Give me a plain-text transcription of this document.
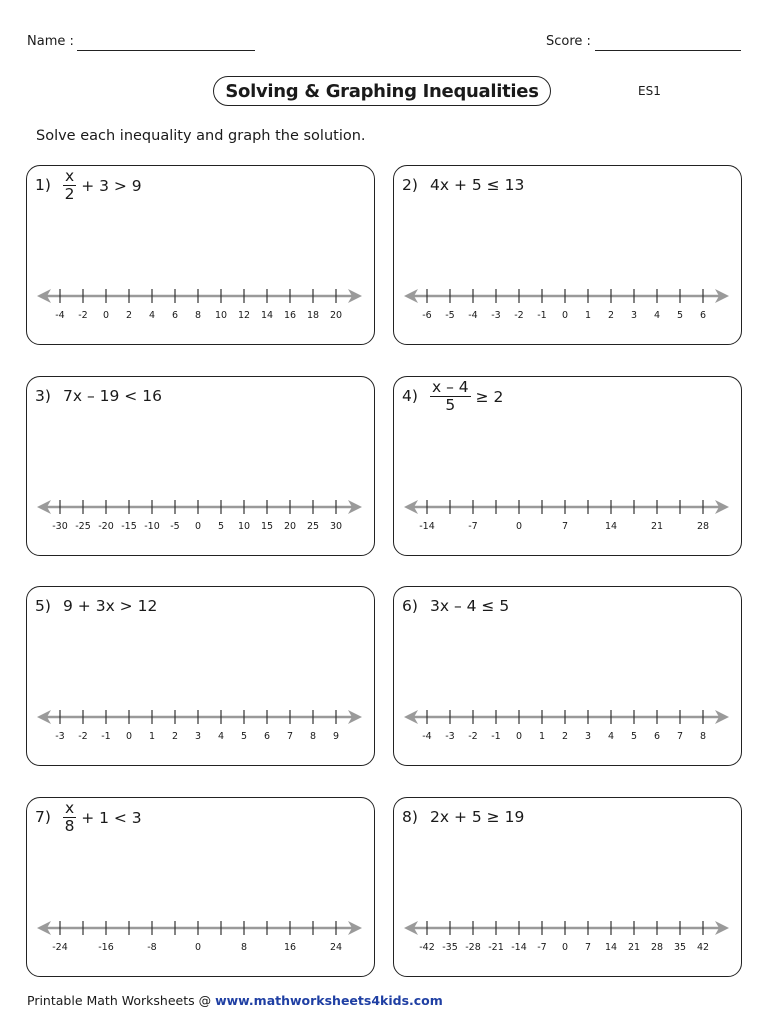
Name :	Score :
Solving & Graphing Inequalities	ES1
Solve each inequality and graph the solution.
$1) \frac{x}{2} + 3 > 9$
-4 -2 0 2 4 6 8 10 12 14 16 18 20
2) 4x + 5 ≤ 13
-6 -5 -4 -3 -2 -1 0 1 2 3 4 5 6
3) 7x – 19 < 16
-30 -25 -20 -15 -10 -5 0 5 10 15 20 25 30
$4) \frac{x - 4}{5} \ge 2$
-14	-7	0	7	14	21	28
5) 9 + 3x > 12
-3 -2 -1 0 1 2 3 4 5 6 7 8 9
6) 3x – 4 ≤ 5
-4 -3 -2 -1 0 1 2 3 4 5 6 7 8
$7) \frac{x}{8} + 1 < 3$
-24	-16	-8	0	8	16	24
8) 2x + 5 ≥ 19
-42 -35 -28 -21 -14 -7 0 7 14 21 28 35 42
Printable Math Worksheets @ www.mathworksheets4kids.com
